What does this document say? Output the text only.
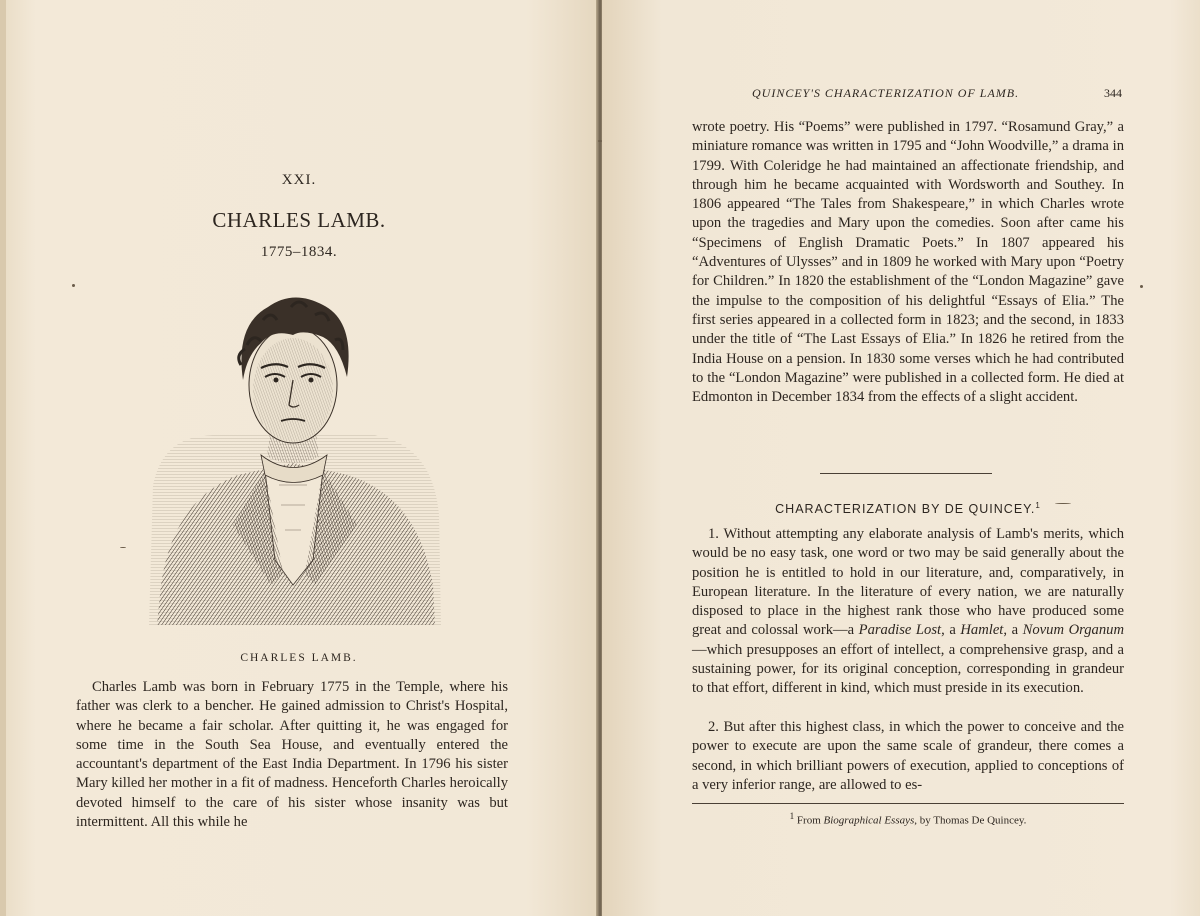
XXI.
CHARLES LAMB.
1775–1834.
CHARLES LAMB.

Charles Lamb was born in February 1775 in the Temple, where his father was clerk to a bencher. He gained admission to Christ's Hospital, where he became a fair scholar. After quitting it, he was engaged for some time in the South Sea House, and eventually entered the accountant's department of the East India Department. In 1796 his sister Mary killed her mother in a fit of madness. Henceforth Charles heroically devoted himself to the care of his sister whose insanity was but intermittent. All this while he

QUINCEY'S CHARACTERIZATION OF LAMB.	344

wrote poetry. His “Poems” were published in 1797. “Rosamund Gray,” a miniature romance was written in 1795 and “John Woodville,” a drama in 1799. With Coleridge he had maintained an affectionate friendship, and through him he became acquainted with Wordsworth and Southey. In 1806 appeared “The Tales from Shakespeare,” in which Charles wrote upon the tragedies and Mary upon the comedies. Soon after came his “Specimens of English Dramatic Poets.” In 1807 appeared his “Adventures of Ulysses” and in 1809 he worked with Mary upon “Poetry for Children.” In 1820 the establishment of the “London Magazine” gave the impulse to the composition of his delightful “Essays of Elia.” The first series appeared in a collected form in 1823; and the second, in 1833 under the title of “The Last Essays of Elia.” In 1826 he retired from the India House on a pension. In 1830 some verses which he had contributed to the “London Magazine” were published in a collected form. He died at Edmonton in December 1834 from the effects of a slight accident.

CHARACTERIZATION BY DE QUINCEY.$^1$

1. Without attempting any elaborate analysis of Lamb's merits, which would be no easy task, one word or two may be said generally about the position he is entitled to hold in our literature, and, comparatively, in European literature. In the literature of every nation, we are naturally disposed to place in the highest rank those who have produced some great and colossal work—a Paradise Lost, a Hamlet, a Novum Organum—which presupposes an effort of intellect, a comprehensive grasp, and a sustaining power, for its original conception, corresponding in grandeur to that effort, different in kind, which must preside in its execution.

2. But after this highest class, in which the power to conceive and the power to execute are upon the same scale of grandeur, there comes a second, in which brilliant powers of execution, applied to conceptions of a very inferior range, are allowed to es-

$^1$ From Biographical Essays, by Thomas De Quincey.
